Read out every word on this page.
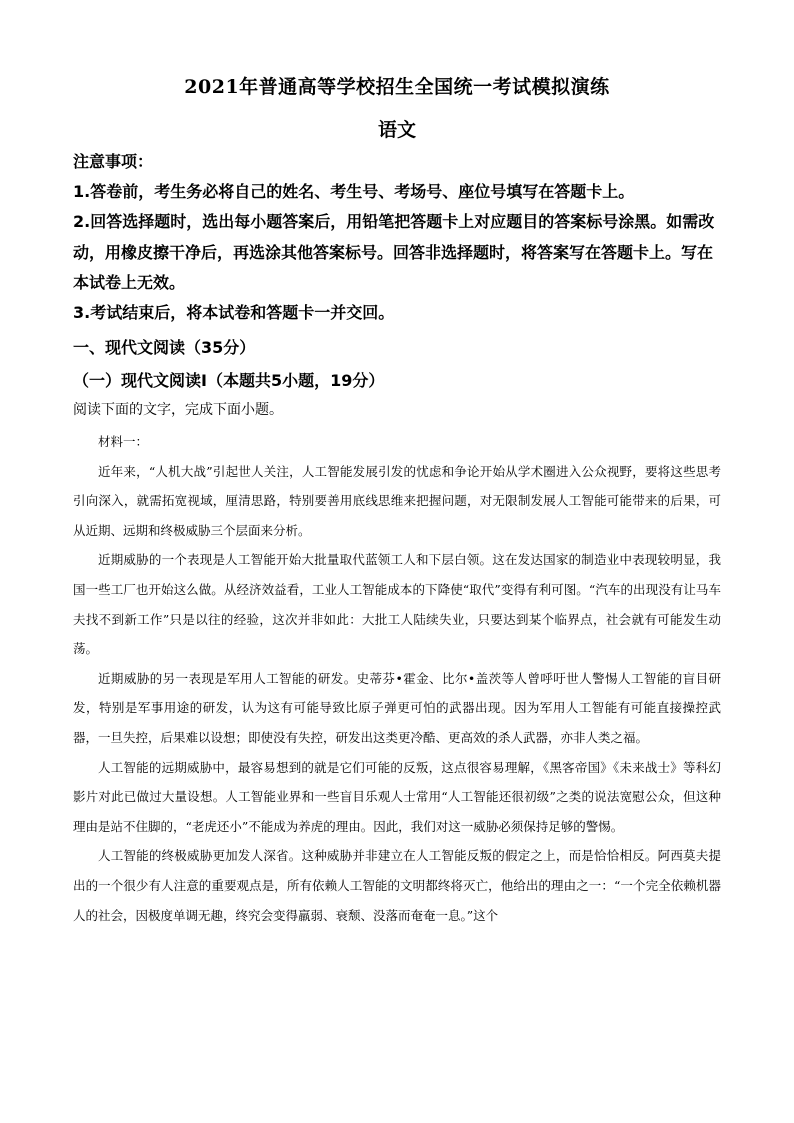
2021年普通高等学校招生全国统一考试模拟演练
语文
注意事项：
1.答卷前，考生务必将自己的姓名、考生号、考场号、座位号填写在答题卡上。
2.回答选择题时，选出每小题答案后，用铅笔把答题卡上对应题目的答案标号涂黑。如需改
动，用橡皮擦干净后，再选涂其他答案标号。回答非选择题时，将答案写在答题卡上。写在
本试卷上无效。
3.考试结束后，将本试卷和答题卡一并交回。
一、现代文阅读（35分）
（一）现代文阅读Ⅰ（本题共5小题，19分）
阅读下面的文字，完成下面小题。

材料一：

近年来，“人机大战”引起世人关注，人工智能发展引发的忧虑和争论开始从学术圈进入公众视野，要将这些思考引向深入，就需拓宽视域，厘清思路，特别要善用底线思维来把握问题，对无限制发展人工智能可能带来的后果，可从近期、远期和终极威胁三个层面来分析。

近期威胁的一个表现是人工智能开始大批量取代蓝领工人和下层白领。这在发达国家的制造业中表现较明显，我国一些工厂也开始这么做。从经济效益看，工业人工智能成本的下降使“取代”变得有利可图。“汽车的出现没有让马车夫找不到新工作”只是以往的经验，这次并非如此：大批工人陆续失业，只要达到某个临界点，社会就有可能发生动荡。

近期威胁的另一表现是军用人工智能的研发。史蒂芬•霍金、比尔•盖茨等人曾呼吁世人警惕人工智能的盲目研发，特别是军事用途的研发，认为这有可能导致比原子弹更可怕的武器出现。因为军用人工智能有可能直接操控武器，一旦失控，后果难以设想；即使没有失控，研发出这类更冷酷、更高效的杀人武器，亦非人类之福。

人工智能的远期威胁中，最容易想到的就是它们可能的反叛，这点很容易理解，《黑客帝国》《未来战士》等科幻影片对此已做过大量设想。人工智能业界和一些盲目乐观人士常用“人工智能还很初级”之类的说法宽慰公众，但这种理由是站不住脚的，“老虎还小”不能成为养虎的理由。因此，我们对这一威胁必须保持足够的警惕。

人工智能的终极威胁更加发人深省。这种威胁并非建立在人工智能反叛的假定之上，而是恰恰相反。阿西莫夫提出的一个很少有人注意的重要观点是，所有依赖人工智能的文明都终将灭亡，他给出的理由之一：“一个完全依赖机器人的社会，因极度单调无趣，终究会变得羸弱、衰颓、没落而奄奄一息。”这个
